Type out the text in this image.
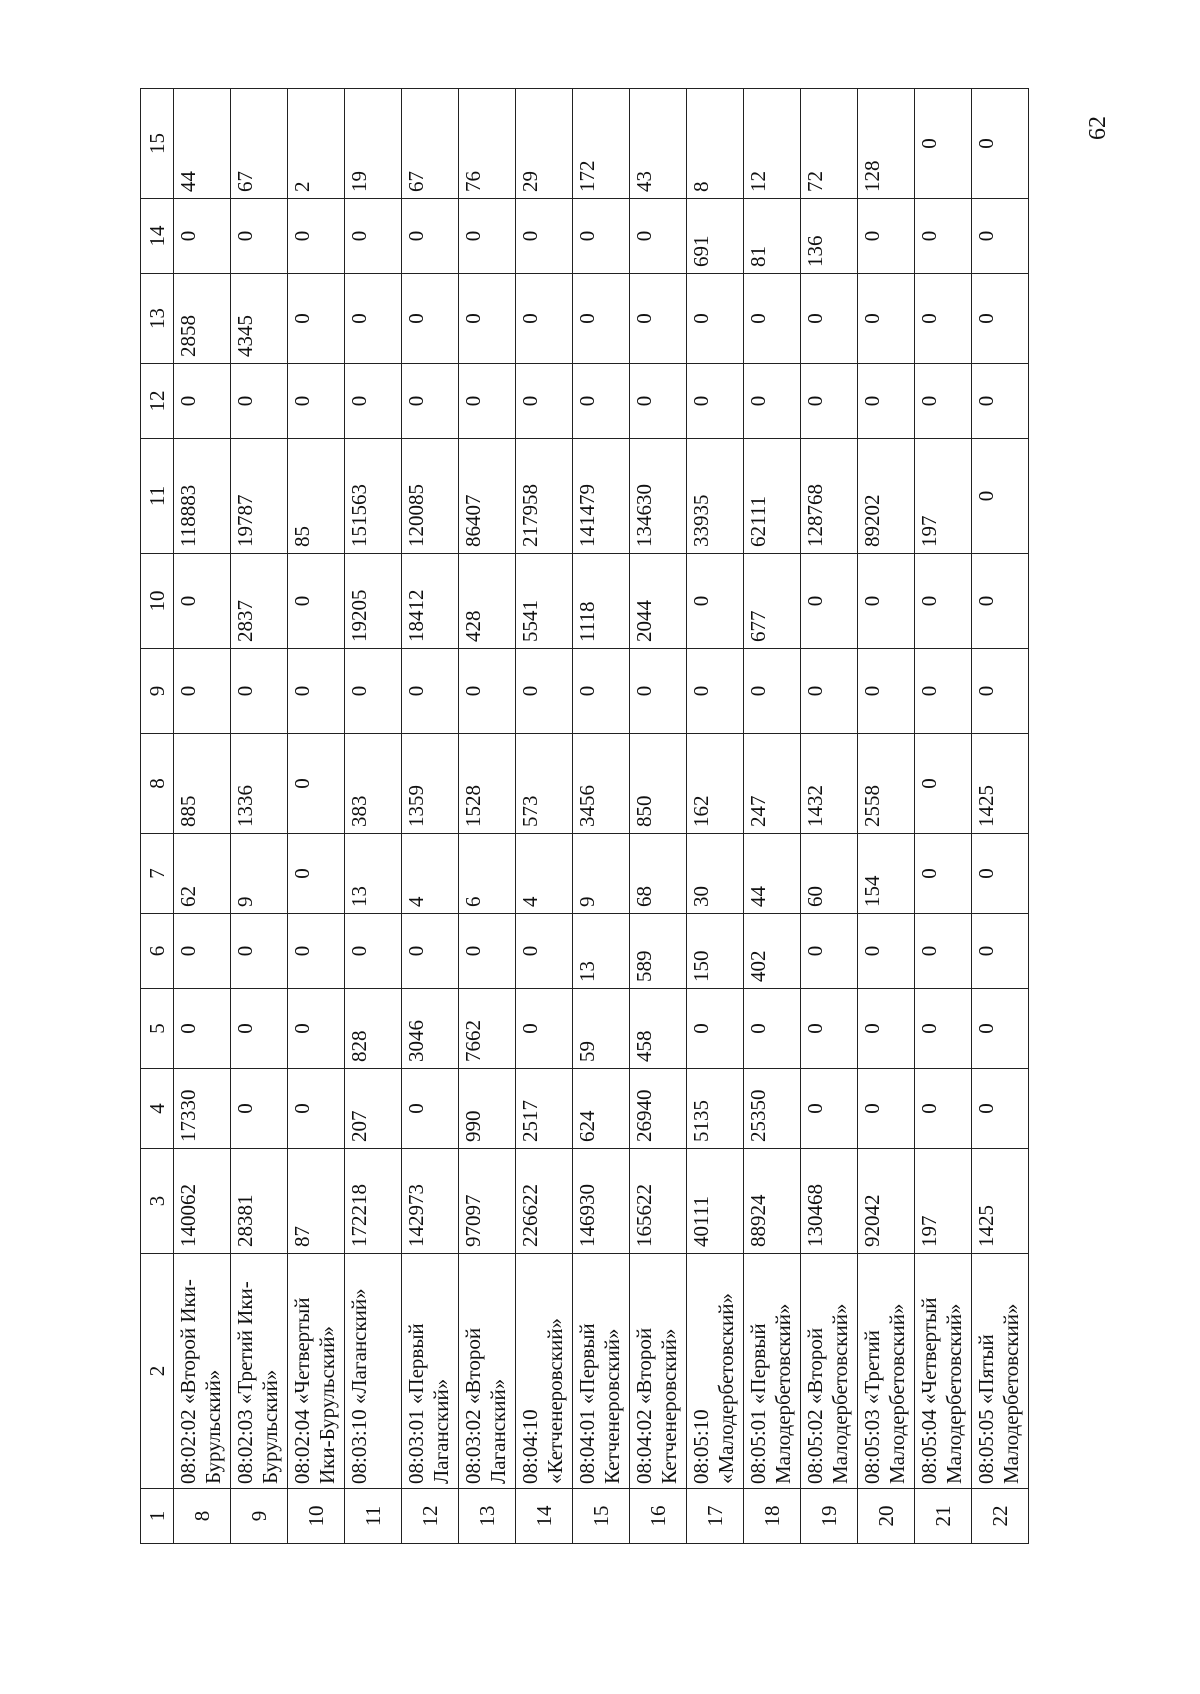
1	2	3	4	5	6	7	8	9	10	11	12	13	14	15
8	08:02:02 «Второй Ики-Бурульский»	140062	17330	0	0	62	885	0	0	118883	0	2858	0	44
9	08:02:03 «Третий Ики-Бурульский»	28381	0	0	0	9	1336	0	2837	19787	0	4345	0	67
10	08:02:04 «Четвертый Ики-Бурульский»	87	0	0	0	0	0	0	0	85	0	0	0	2
11	08:03:10 «Лаганский»	172218	207	828	0	13	383	0	19205	151563	0	0	0	19
12	08:03:01 «Первый Лаганский»	142973	0	3046	0	4	1359	0	18412	120085	0	0	0	67
13	08:03:02 «Второй Лаганский»	97097	990	7662	0	6	1528	0	428	86407	0	0	0	76
14	08:04:10 «Кетченеровский»	226622	2517	0	0	4	573	0	5541	217958	0	0	0	29
15	08:04:01 «Первый Кетченеровский»	146930	624	59	13	9	3456	0	1118	141479	0	0	0	172
16	08:04:02 «Второй Кетченеровский»	165622	26940	458	589	68	850	0	2044	134630	0	0	0	43
17	08:05:10 «Малодербетовский»	40111	5135	0	150	30	162	0	0	33935	0	0	691	8
18	08:05:01 «Первый Малодербетовский»	88924	25350	0	402	44	247	0	677	62111	0	0	81	12
19	08:05:02 «Второй Малодербетовский»	130468	0	0	0	60	1432	0	0	128768	0	0	136	72
20	08:05:03 «Третий Малодербетовский»	92042	0	0	0	154	2558	0	0	89202	0	0	0	128
21	08:05:04 «Четвертый Малодербетовский»	197	0	0	0	0	0	0	0	197	0	0	0	0
22	08:05:05 «Пятый Малодербетовский»	1425	0	0	0	0	1425	0	0	0	0	0	0	0
62
